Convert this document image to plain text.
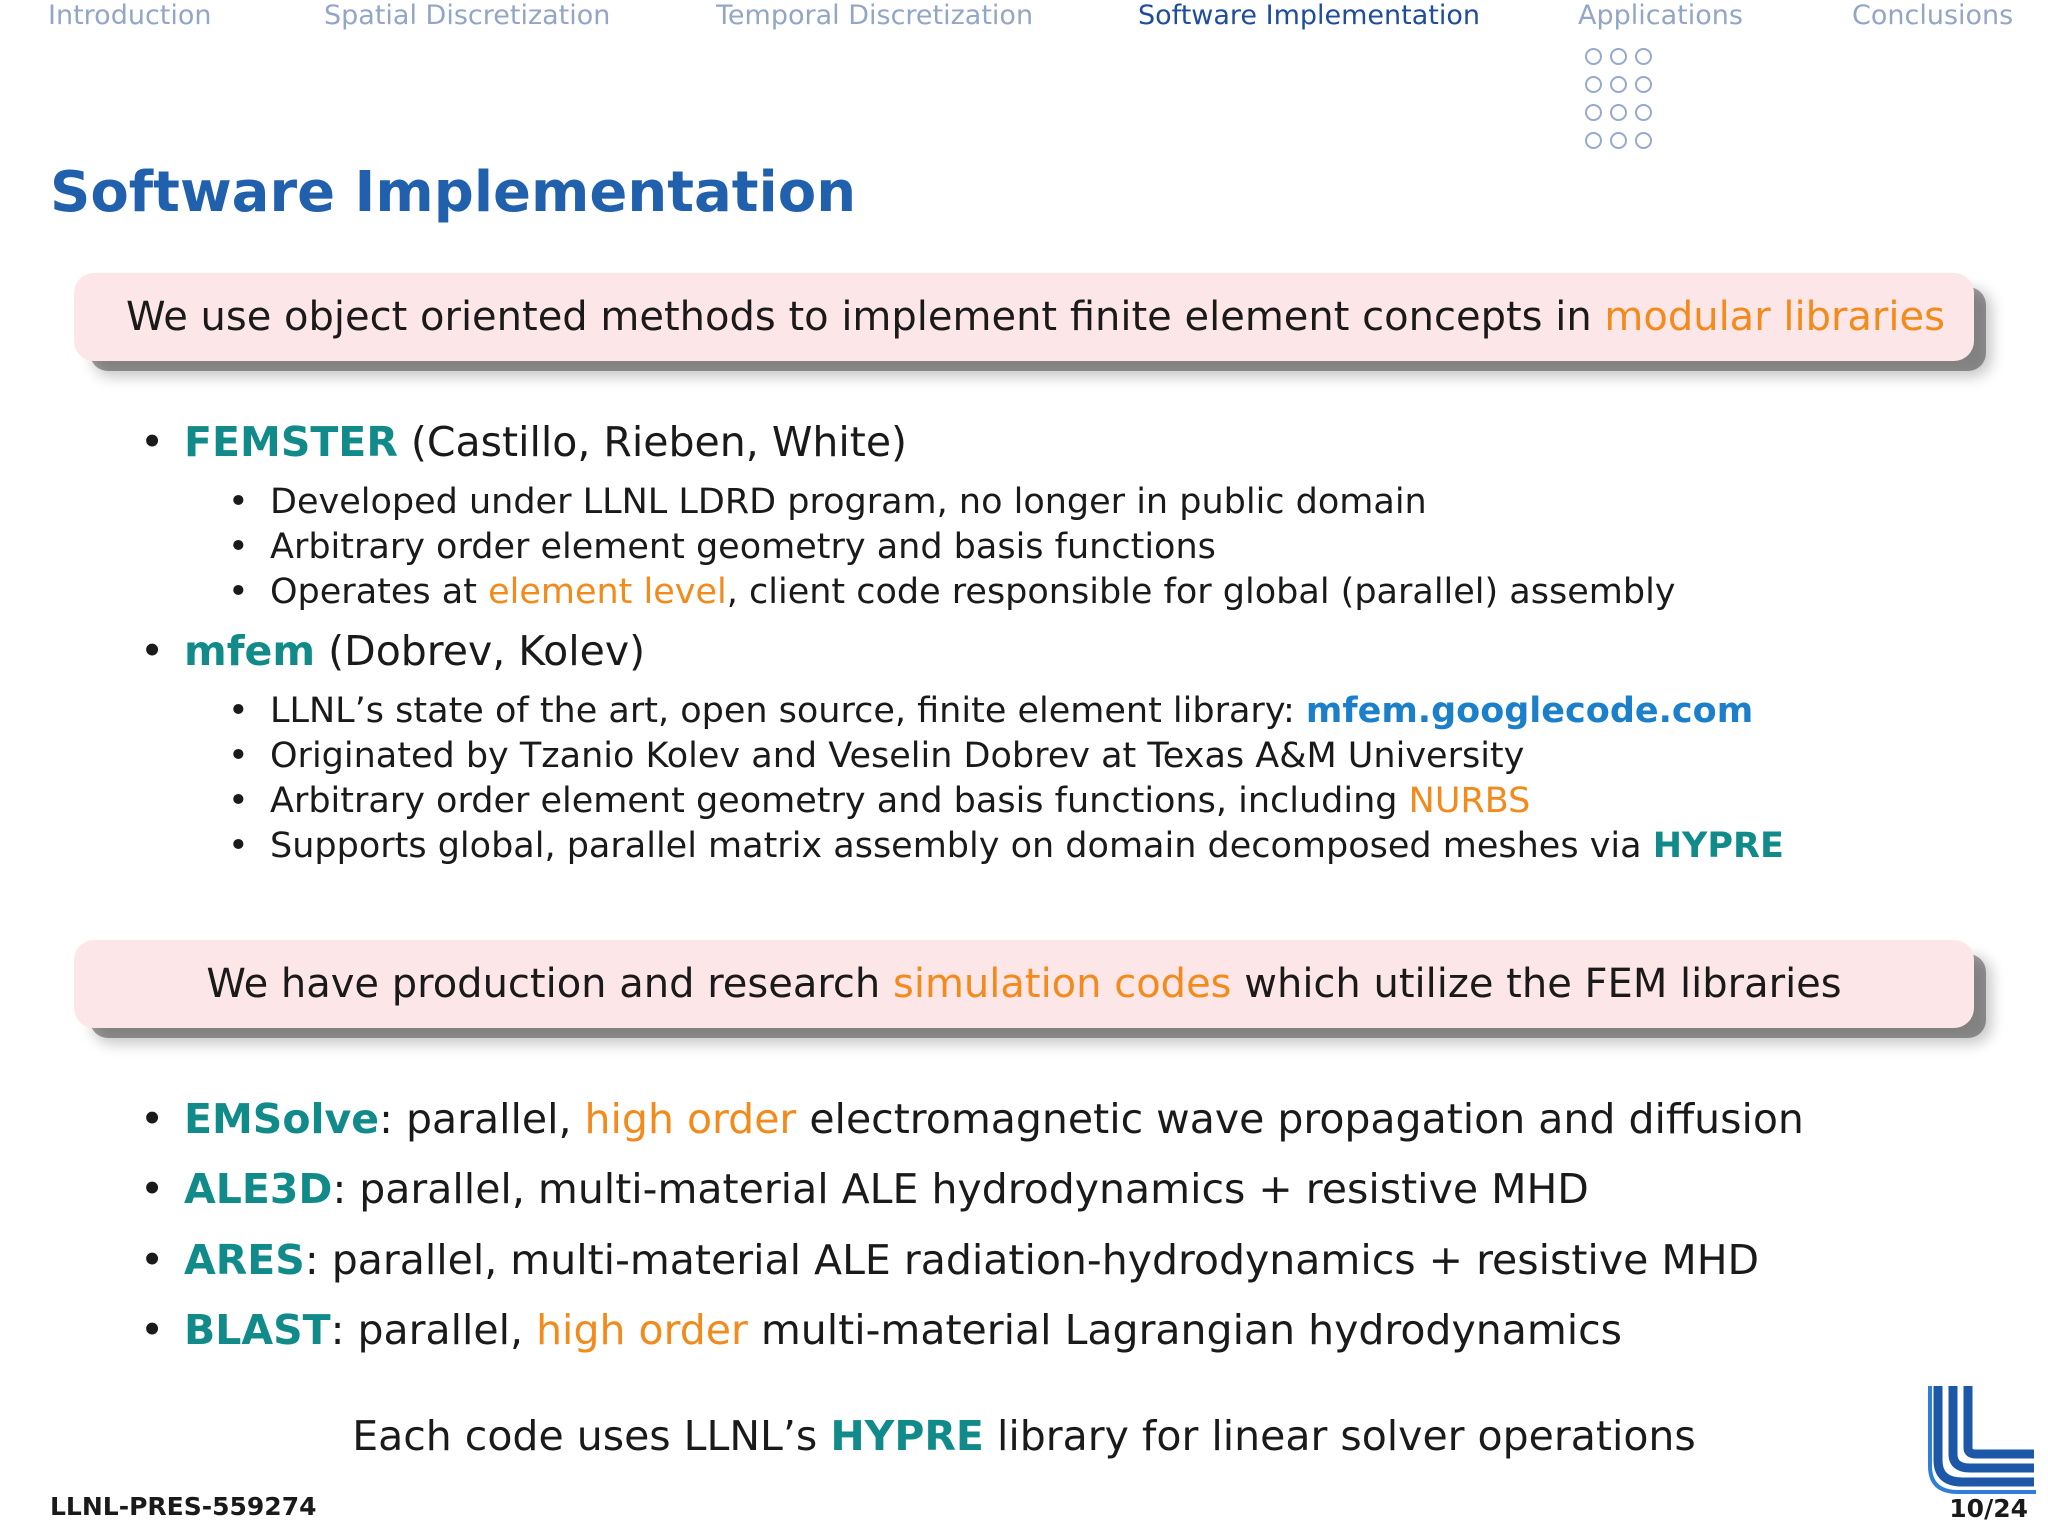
Introduction	Spatial Discretization	Temporal Discretization	Software Implementation	Applications	Conclusions
Software Implementation
We use object oriented methods to implement finite element concepts in modular libraries
• FEMSTER (Castillo, Rieben, White)
• Developed under LLNL LDRD program, no longer in public domain
• Arbitrary order element geometry and basis functions
• Operates at element level, client code responsible for global (parallel) assembly
• mfem (Dobrev, Kolev)
• LLNL’s state of the art, open source, finite element library: mfem.googlecode.com
• Originated by Tzanio Kolev and Veselin Dobrev at Texas A&M University
• Arbitrary order element geometry and basis functions, including NURBS
• Supports global, parallel matrix assembly on domain decomposed meshes via HYPRE
We have production and research simulation codes which utilize the FEM libraries
• EMSolve: parallel, high order electromagnetic wave propagation and diffusion
• ALE3D: parallel, multi-material ALE hydrodynamics + resistive MHD
• ARES: parallel, multi-material ALE radiation-hydrodynamics + resistive MHD
• BLAST: parallel, high order multi-material Lagrangian hydrodynamics
Each code uses LLNL’s HYPRE library for linear solver operations
LLNL-PRES-559274	10/24
